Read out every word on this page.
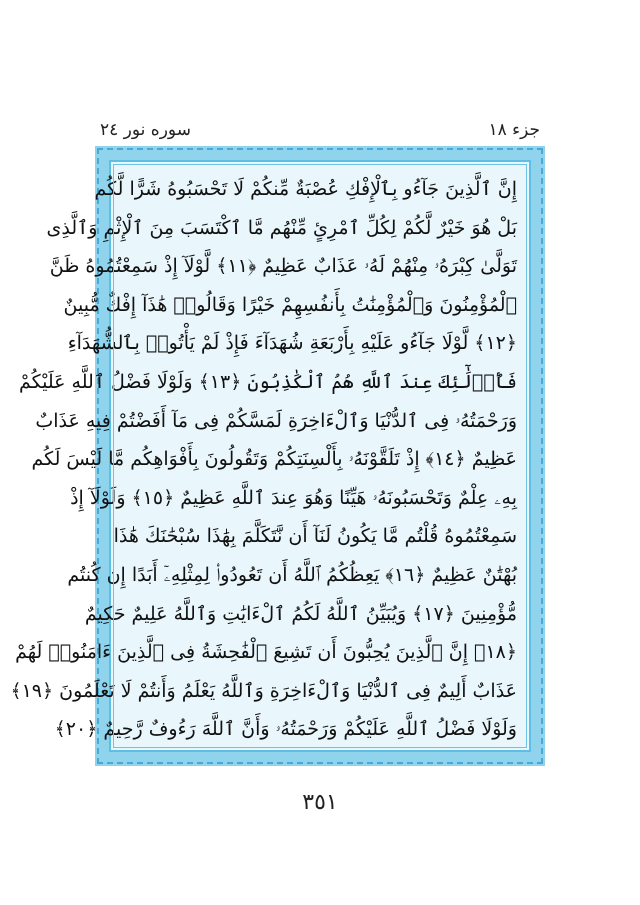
جزء ١٨
سوره نور ٢٤
إِنَّ ٱلَّذِينَ جَآءُو بِٱلْإِفْكِ عُصْبَةٌ مِّنكُمْ لَا تَحْسَبُوهُ شَرًّا لَّكُم
بَلْ هُوَ خَيْرٌ لَّكُمْ لِكُلِّ ٱمْرِئٍ مِّنْهُم مَّا ٱكْتَسَبَ مِنَ ٱلْإِثْمِ وَٱلَّذِى
تَوَلَّىٰ كِبْرَهُۥ مِنْهُمْ لَهُۥ عَذَابٌ عَظِيمٌ ﴿١١﴾ لَّوْلَآ إِذْ سَمِعْتُمُوهُ ظَنَّ
ٱلْمُؤْمِنُونَ وَٱلْمُؤْمِنَٰتُ بِأَنفُسِهِمْ خَيْرًا وَقَالُوا۟ هَٰذَآ إِفْكٌ مُّبِينٌ
﴿١٢﴾ لَّوْلَا جَآءُو عَلَيْهِ بِأَرْبَعَةِ شُهَدَآءَ فَإِذْ لَمْ يَأْتُوا۟ بِٱلشُّهَدَآءِ
فَأُو۟لَٰٓئِكَ عِندَ ٱللَّهِ هُمُ ٱلْكَٰذِبُونَ ﴿١٣﴾ وَلَوْلَا فَضْلُ ٱللَّهِ عَلَيْكُمْ
وَرَحْمَتُهُۥ فِى ٱلدُّنْيَا وَٱلْءَاخِرَةِ لَمَسَّكُمْ فِى مَآ أَفَضْتُمْ فِيهِ عَذَابٌ
عَظِيمٌ ﴿١٤﴾ إِذْ تَلَقَّوْنَهُۥ بِأَلْسِنَتِكُمْ وَتَقُولُونَ بِأَفْوَاهِكُم مَّا لَيْسَ لَكُم
بِهِۦ عِلْمٌ وَتَحْسَبُونَهُۥ هَيِّنًا وَهُوَ عِندَ ٱللَّهِ عَظِيمٌ ﴿١٥﴾ وَلَوْلَآ إِذْ
سَمِعْتُمُوهُ قُلْتُم مَّا يَكُونُ لَنَآ أَن نَّتَكَلَّمَ بِهَٰذَا سُبْحَٰنَكَ هَٰذَا
بُهْتَٰنٌ عَظِيمٌ ﴿١٦﴾ يَعِظُكُمُ ٱللَّهُ أَن تَعُودُوا۟ لِمِثْلِهِۦٓ أَبَدًا إِن كُنتُم
مُّؤْمِنِينَ ﴿١٧﴾ وَيُبَيِّنُ ٱللَّهُ لَكُمُ ٱلْءَايَٰتِ وَٱللَّهُ عَلِيمٌ حَكِيمٌ
﴿١٨﴾ إِنَّ ٱلَّذِينَ يُحِبُّونَ أَن تَشِيعَ ٱلْفَٰحِشَةُ فِى ٱلَّذِينَ ءَامَنُوا۟ لَهُمْ
عَذَابٌ أَلِيمٌ فِى ٱلدُّنْيَا وَٱلْءَاخِرَةِ وَٱللَّهُ يَعْلَمُ وَأَنتُمْ لَا تَعْلَمُونَ ﴿١٩﴾
وَلَوْلَا فَضْلُ ٱللَّهِ عَلَيْكُمْ وَرَحْمَتُهُۥ وَأَنَّ ٱللَّهَ رَءُوفٌ رَّحِيمٌ ﴿٢٠﴾
٣٥١
